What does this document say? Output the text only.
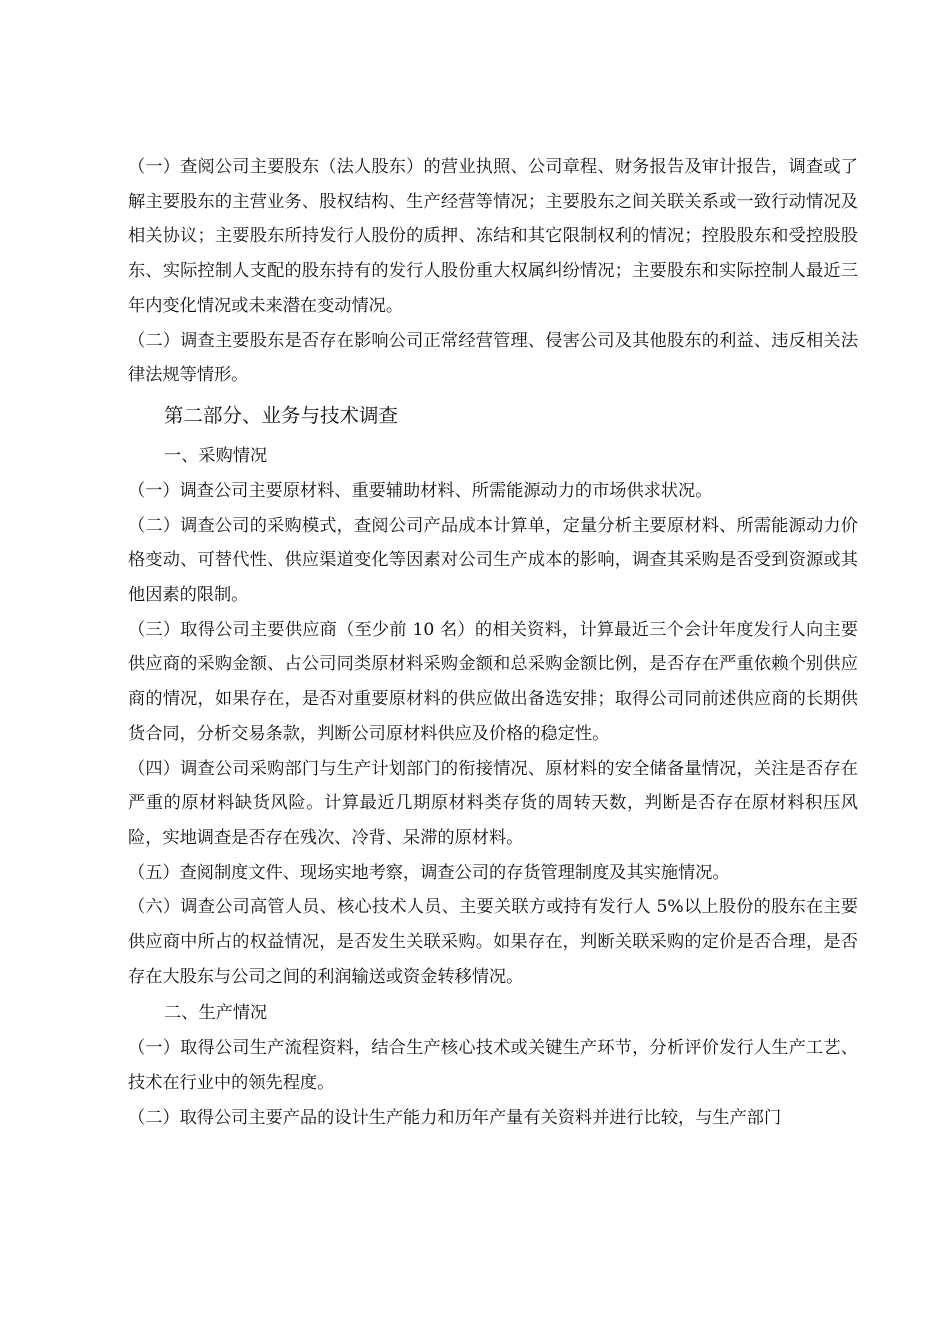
（一）查阅公司主要股东（法人股东）的营业执照、公司章程、财务报告及审计报告，调查或了解主要股东的主营业务、股权结构、生产经营等情况；主要股东之间关联关系或一致行动情况及相关协议；主要股东所持发行人股份的质押、冻结和其它限制权利的情况；控股股东和受控股股东、实际控制人支配的股东持有的发行人股份重大权属纠纷情况；主要股东和实际控制人最近三年内变化情况或未来潜在变动情况。

（二）调查主要股东是否存在影响公司正常经营管理、侵害公司及其他股东的利益、违反相关法律法规等情形。

第二部分、业务与技术调查
一、采购情况

（一）调查公司主要原材料、重要辅助材料、所需能源动力的市场供求状况。

（二）调查公司的采购模式，查阅公司产品成本计算单，定量分析主要原材料、所需能源动力价格变动、可替代性、供应渠道变化等因素对公司生产成本的影响，调查其采购是否受到资源或其他因素的限制。

（三）取得公司主要供应商（至少前 10 名）的相关资料，计算最近三个会计年度发行人向主要供应商的采购金额、占公司同类原材料采购金额和总采购金额比例，是否存在严重依赖个别供应商的情况，如果存在，是否对重要原材料的供应做出备选安排；取得公司同前述供应商的长期供货合同，分析交易条款，判断公司原材料供应及价格的稳定性。

（四）调查公司采购部门与生产计划部门的衔接情况、原材料的安全储备量情况，关注是否存在严重的原材料缺货风险。计算最近几期原材料类存货的周转天数，判断是否存在原材料积压风险，实地调查是否存在残次、冷背、呆滞的原材料。

（五）查阅制度文件、现场实地考察，调查公司的存货管理制度及其实施情况。

（六）调查公司高管人员、核心技术人员、主要关联方或持有发行人 5%以上股份的股东在主要供应商中所占的权益情况，是否发生关联采购。如果存在，判断关联采购的定价是否合理，是否存在大股东与公司之间的利润输送或资金转移情况。

二、生产情况

（一）取得公司生产流程资料，结合生产核心技术或关键生产环节，分析评价发行人生产工艺、技术在行业中的领先程度。

（二）取得公司主要产品的设计生产能力和历年产量有关资料并进行比较，与生产部门
